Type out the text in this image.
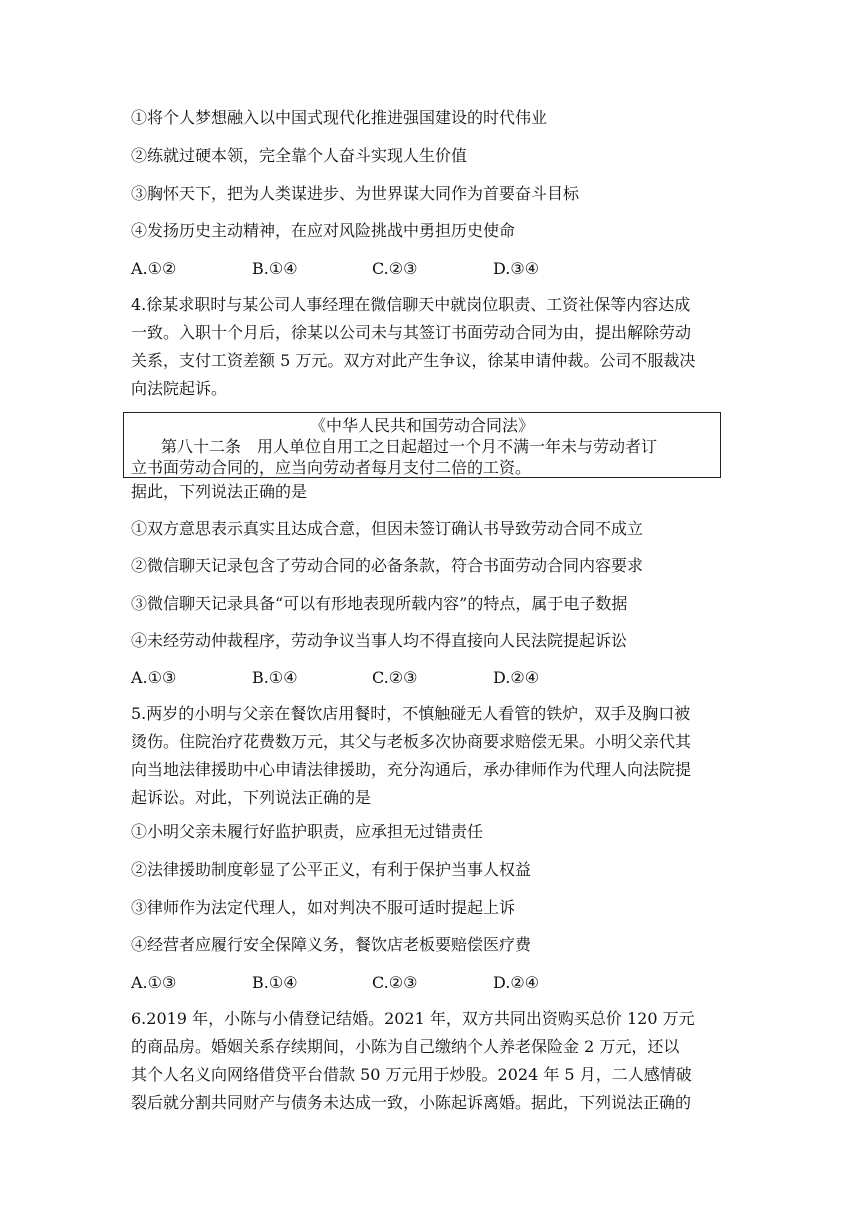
①将个人梦想融入以中国式现代化推进强国建设的时代伟业
②练就过硬本领，完全靠个人奋斗实现人生价值
③胸怀天下，把为人类谋进步、为世界谋大同作为首要奋斗目标
④发扬历史主动精神，在应对风险挑战中勇担历史使命
A.①②	B.①④	C.②③	D.③④
4.徐某求职时与某公司人事经理在微信聊天中就岗位职责、工资社保等内容达成
一致。入职十个月后，徐某以公司未与其签订书面劳动合同为由，提出解除劳动
关系，支付工资差额 5 万元。双方对此产生争议，徐某申请仲裁。公司不服裁决
向法院起诉。
《中华人民共和国劳动合同法》
第八十二条　用人单位自用工之日起超过一个月不满一年未与劳动者订
立书面劳动合同的，应当向劳动者每月支付二倍的工资。
据此，下列说法正确的是
①双方意思表示真实且达成合意，但因未签订确认书导致劳动合同不成立
②微信聊天记录包含了劳动合同的必备条款，符合书面劳动合同内容要求
③微信聊天记录具备“可以有形地表现所载内容”的特点，属于电子数据
④未经劳动仲裁程序，劳动争议当事人均不得直接向人民法院提起诉讼
A.①③	B.①④	C.②③	D.②④
5.两岁的小明与父亲在餐饮店用餐时，不慎触碰无人看管的铁炉，双手及胸口被
烫伤。住院治疗花费数万元，其父与老板多次协商要求赔偿无果。小明父亲代其
向当地法律援助中心申请法律援助，充分沟通后，承办律师作为代理人向法院提
起诉讼。对此，下列说法正确的是
①小明父亲未履行好监护职责，应承担无过错责任
②法律援助制度彰显了公平正义，有利于保护当事人权益
③律师作为法定代理人，如对判决不服可适时提起上诉
④经营者应履行安全保障义务，餐饮店老板要赔偿医疗费
A.①③	B.①④	C.②③	D.②④
6.2019 年，小陈与小倩登记结婚。2021 年，双方共同出资购买总价 120 万元
的商品房。婚姻关系存续期间，小陈为自己缴纳个人养老保险金 2 万元，还以
其个人名义向网络借贷平台借款 50 万元用于炒股。2024 年 5 月，二人感情破
裂后就分割共同财产与债务未达成一致，小陈起诉离婚。据此，下列说法正确的
